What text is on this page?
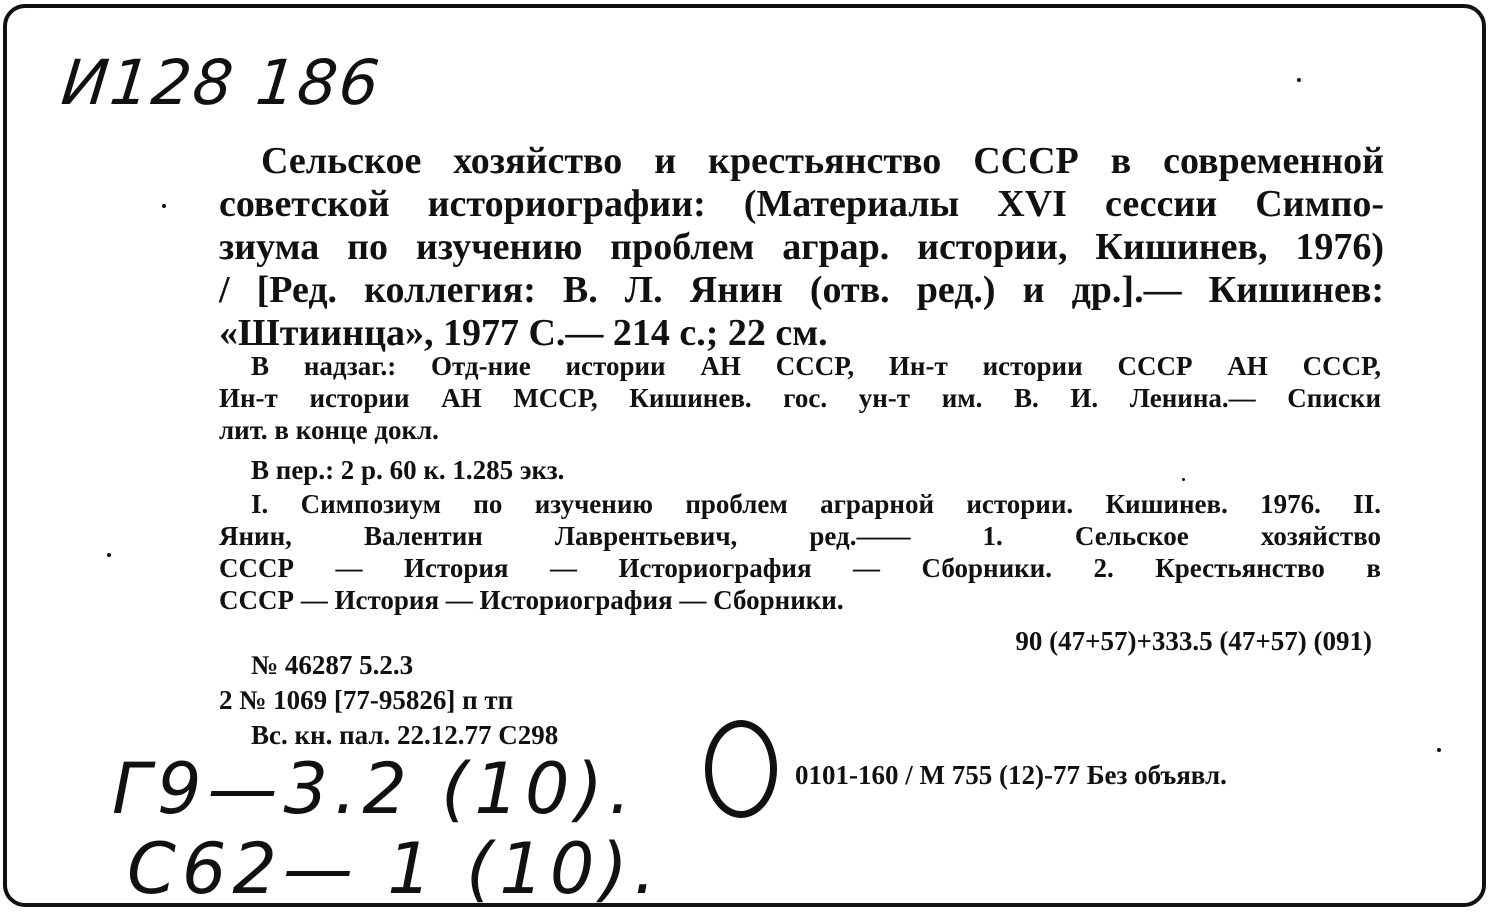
И128 186
Сельское хозяйство и крестьянство СССР в современной
советской историографии: (Материалы XVI сессии Симпо-
зиума по изучению проблем аграр. истории, Кишинев, 1976)
/ [Ред. коллегия: В. Л. Янин (отв. ред.) и др.].— Кишинев:
«Штиинца», 1977 С.— 214 с.; 22 см.
В надзаг.: Отд-ние истории АН СССР, Ин-т истории СССР АН СССР,
Ин-т истории АН МССР, Кишинев. гос. ун-т им. В. И. Ленина.— Списки
лит. в конце докл.
В пер.: 2 р. 60 к. 1.285 экз.
I. Симпозиум по изучению проблем аграрной истории. Кишинев. 1976. II.
Янин, Валентин Лаврентьевич, ред.—— 1. Сельское хозяйство
СССР — История — Историография — Сборники. 2. Крестьянство в
СССР — История — Историография — Сборники.
90 (47+57)+333.5 (47+57) (091)
№ 46287 5.2.3
2 № 1069 [77-95826] п тп
Вс. кн. пал. 22.12.77 С298
0101-160 / М 755 (12)-77 Без объявл.
Г9—3.2 (10).
С62— 1 (10).
